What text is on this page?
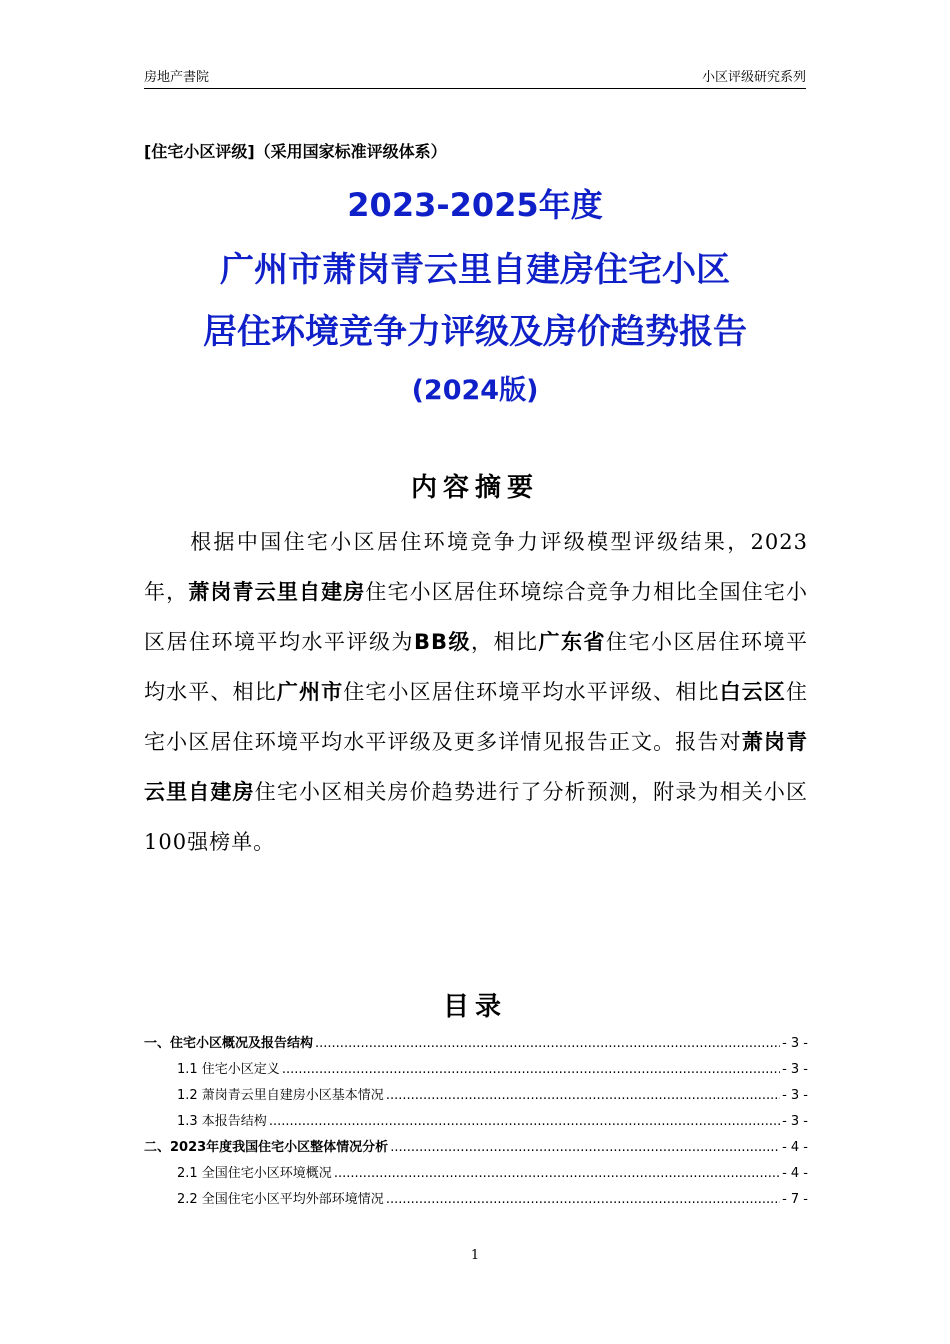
房地产書院	小区评级研究系列
[住宅小区评级]（采用国家标准评级体系）
2023-2025年度
广州市萧岗青云里自建房住宅小区
居住环境竞争力评级及房价趋势报告
(2024版)
内容摘要

根据中国住宅小区居住环境竞争力评级模型评级结果，2023年，萧岗青云里自建房住宅小区居住环境综合竞争力相比全国住宅小区居住环境平均水平评级为BB级，相比广东省住宅小区居住环境平均水平、相比广州市住宅小区居住环境平均水平评级、相比白云区住宅小区居住环境平均水平评级及更多详情见报告正文。报告对萧岗青云里自建房住宅小区相关房价趋势进行了分析预测，附录为相关小区100强榜单。

目录
一、住宅小区概况及报告结构 .....	- 3 -
1.1 住宅小区定义 .....	- 3 -
1.2 萧岗青云里自建房小区基本情况 .....	- 3 -
1.3 本报告结构 .....	- 3 -
二、2023年度我国住宅小区整体情况分析 .....	- 4 -
2.1 全国住宅小区环境概况 .....	- 4 -
2.2 全国住宅小区平均外部环境情况 .....	- 7 -
1
